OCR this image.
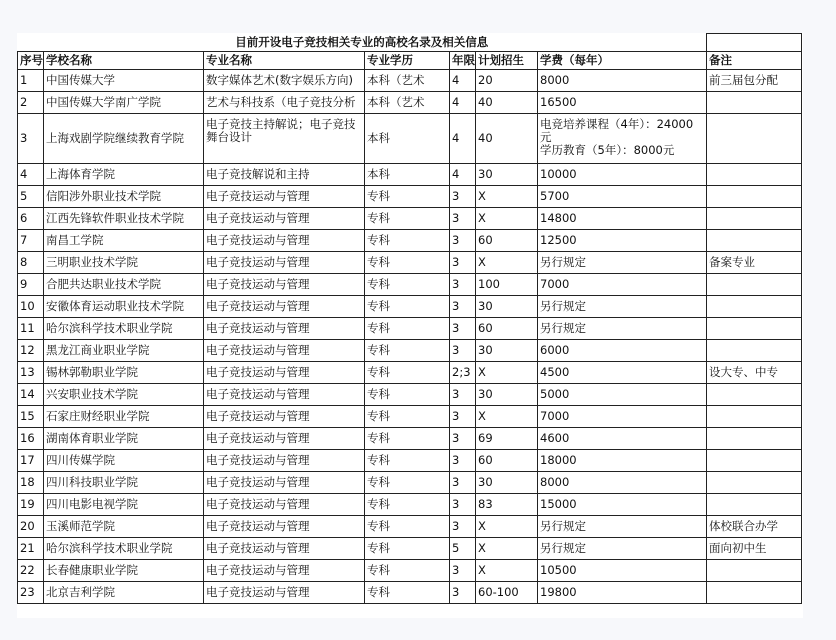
目前开设电子竞技相关专业的高校名录及相关信息							
序号	学校名称	专业名称	专业学历	年限	计划招生	学费（每年）	备注
1	中国传媒大学	数字媒体艺术(数字娱乐方向)	本科（艺术	4	20	8000	前三届包分配
2	中国传媒大学南广学院	艺术与科技系（电子竞技分析	本科（艺术	4	40	16500	
3	上海戏剧学院继续教育学院	电子竞技主持解说；电子竞技舞台设计	本科	4	40	电竞培养课程（4年）：24000元
学历教育（5年）：8000元	

4	上海体育学院	电子竞技解说和主持	本科	4	30	10000	
5	信阳涉外职业技术学院	电子竞技运动与管理	专科	3	X	5700	
6	江西先锋软件职业技术学院	电子竞技运动与管理	专科	3	X	14800	
7	南昌工学院	电子竞技运动与管理	专科	3	60	12500	
8	三明职业技术学院	电子竞技运动与管理	专科	3	X	另行规定	备案专业
9	合肥共达职业技术学院	电子竞技运动与管理	专科	3	100	7000	
10	安徽体育运动职业技术学院	电子竞技运动与管理	专科	3	30	另行规定	
11	哈尔滨科学技术职业学院	电子竞技运动与管理	专科	3	60	另行规定	
12	黑龙江商业职业学院	电子竞技运动与管理	专科	3	30	6000	
13	锡林郭勒职业学院	电子竞技运动与管理	专科	2;3	X	4500	设大专、中专
14	兴安职业技术学院	电子竞技运动与管理	专科	3	30	5000	
15	石家庄财经职业学院	电子竞技运动与管理	专科	3	X	7000	
16	湖南体育职业学院	电子竞技运动与管理	专科	3	69	4600	
17	四川传媒学院	电子竞技运动与管理	专科	3	60	18000	
18	四川科技职业学院	电子竞技运动与管理	专科	3	30	8000	
19	四川电影电视学院	电子竞技运动与管理	专科	3	83	15000	
20	玉溪师范学院	电子竞技运动与管理	专科	3	X	另行规定	体校联合办学
21	哈尔滨科学技术职业学院	电子竞技运动与管理	专科	5	X	另行规定	面向初中生
22	长春健康职业学院	电子竞技运动与管理	专科	3	X	10500	
23	北京吉利学院	电子竞技运动与管理	专科	3	60-100	19800	
